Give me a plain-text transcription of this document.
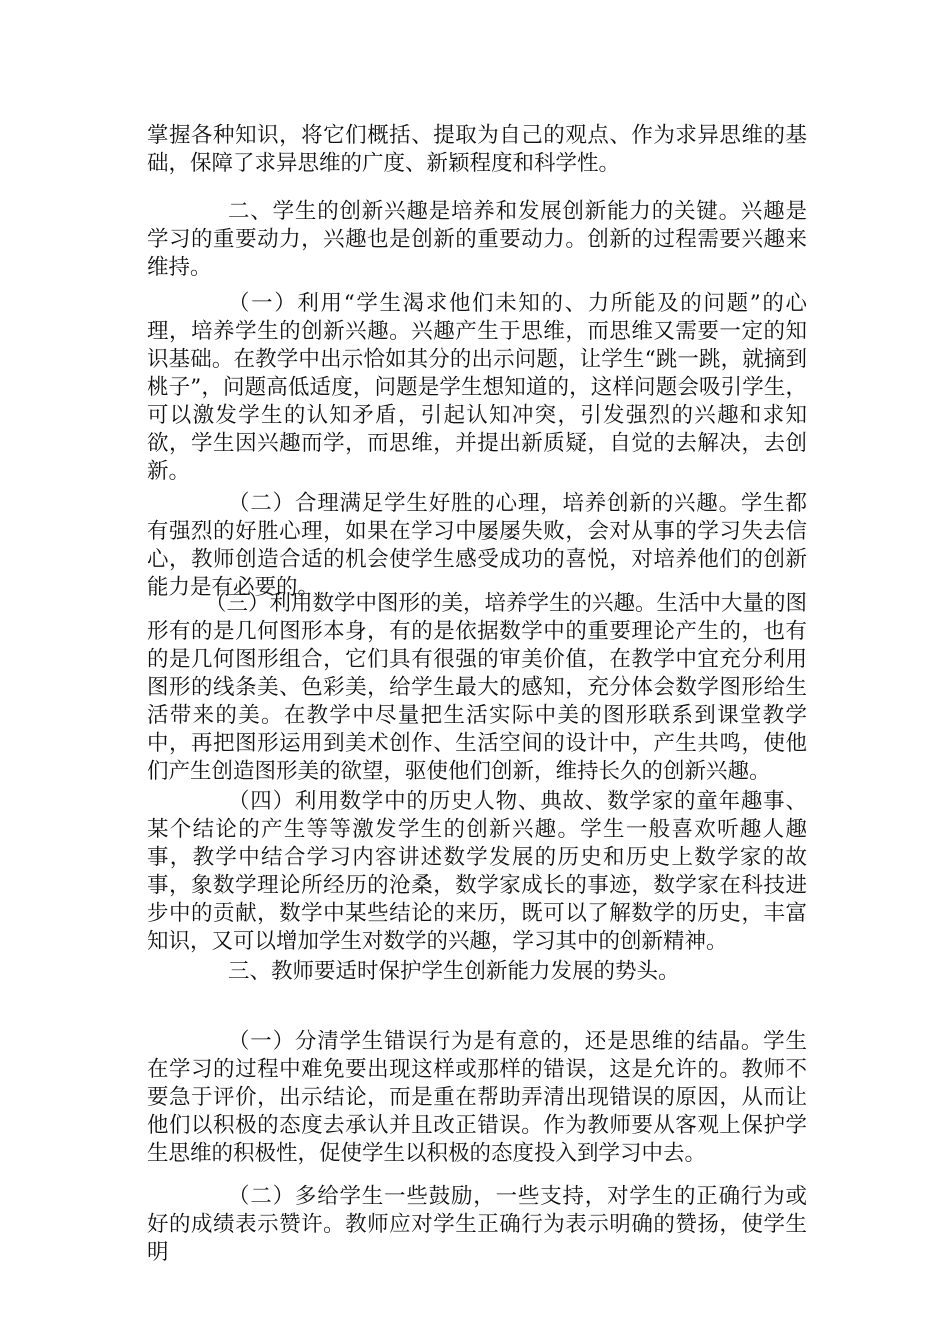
掌握各种知识，将它们概括、提取为自己的观点、作为求异思维的基础，保障了求异思维的广度、新颖程度和科学性。

二、学生的创新兴趣是培养和发展创新能力的关键。兴趣是学习的重要动力，兴趣也是创新的重要动力。创新的过程需要兴趣来维持。

（一）利用“学生渴求他们未知的、力所能及的问题”的心理，培养学生的创新兴趣。兴趣产生于思维，而思维又需要一定的知识基础。在教学中出示恰如其分的出示问题，让学生“跳一跳，就摘到桃子”，问题高低适度，问题是学生想知道的，这样问题会吸引学生，可以激发学生的认知矛盾，引起认知冲突，引发强烈的兴趣和求知欲，学生因兴趣而学，而思维，并提出新质疑，自觉的去解决，去创新。

（二）合理满足学生好胜的心理，培养创新的兴趣。学生都有强烈的好胜心理，如果在学习中屡屡失败，会对从事的学习失去信心，教师创造合适的机会使学生感受成功的喜悦，对培养他们的创新能力是有必要的。

（三）利用数学中图形的美，培养学生的兴趣。生活中大量的图形有的是几何图形本身，有的是依据数学中的重要理论产生的，也有的是几何图形组合，它们具有很强的审美价值，在教学中宜充分利用图形的线条美、色彩美，给学生最大的感知，充分体会数学图形给生活带来的美。在教学中尽量把生活实际中美的图形联系到课堂教学中，再把图形运用到美术创作、生活空间的设计中，产生共鸣，使他们产生创造图形美的欲望，驱使他们创新，维持长久的创新兴趣。

（四）利用数学中的历史人物、典故、数学家的童年趣事、某个结论的产生等等激发学生的创新兴趣。学生一般喜欢听趣人趣事，教学中结合学习内容讲述数学发展的历史和历史上数学家的故事，象数学理论所经历的沧桑，数学家成长的事迹，数学家在科技进步中的贡献，数学中某些结论的来历，既可以了解数学的历史，丰富知识，又可以增加学生对数学的兴趣，学习其中的创新精神。

三、教师要适时保护学生创新能力发展的势头。

（一）分清学生错误行为是有意的，还是思维的结晶。学生在学习的过程中难免要出现这样或那样的错误，这是允许的。教师不要急于评价，出示结论，而是重在帮助弄清出现错误的原因，从而让他们以积极的态度去承认并且改正错误。作为教师要从客观上保护学生思维的积极性，促使学生以积极的态度投入到学习中去。

（二）多给学生一些鼓励，一些支持，对学生的正确行为或好的成绩表示赞许。教师应对学生正确行为表示明确的赞扬，使学生明
